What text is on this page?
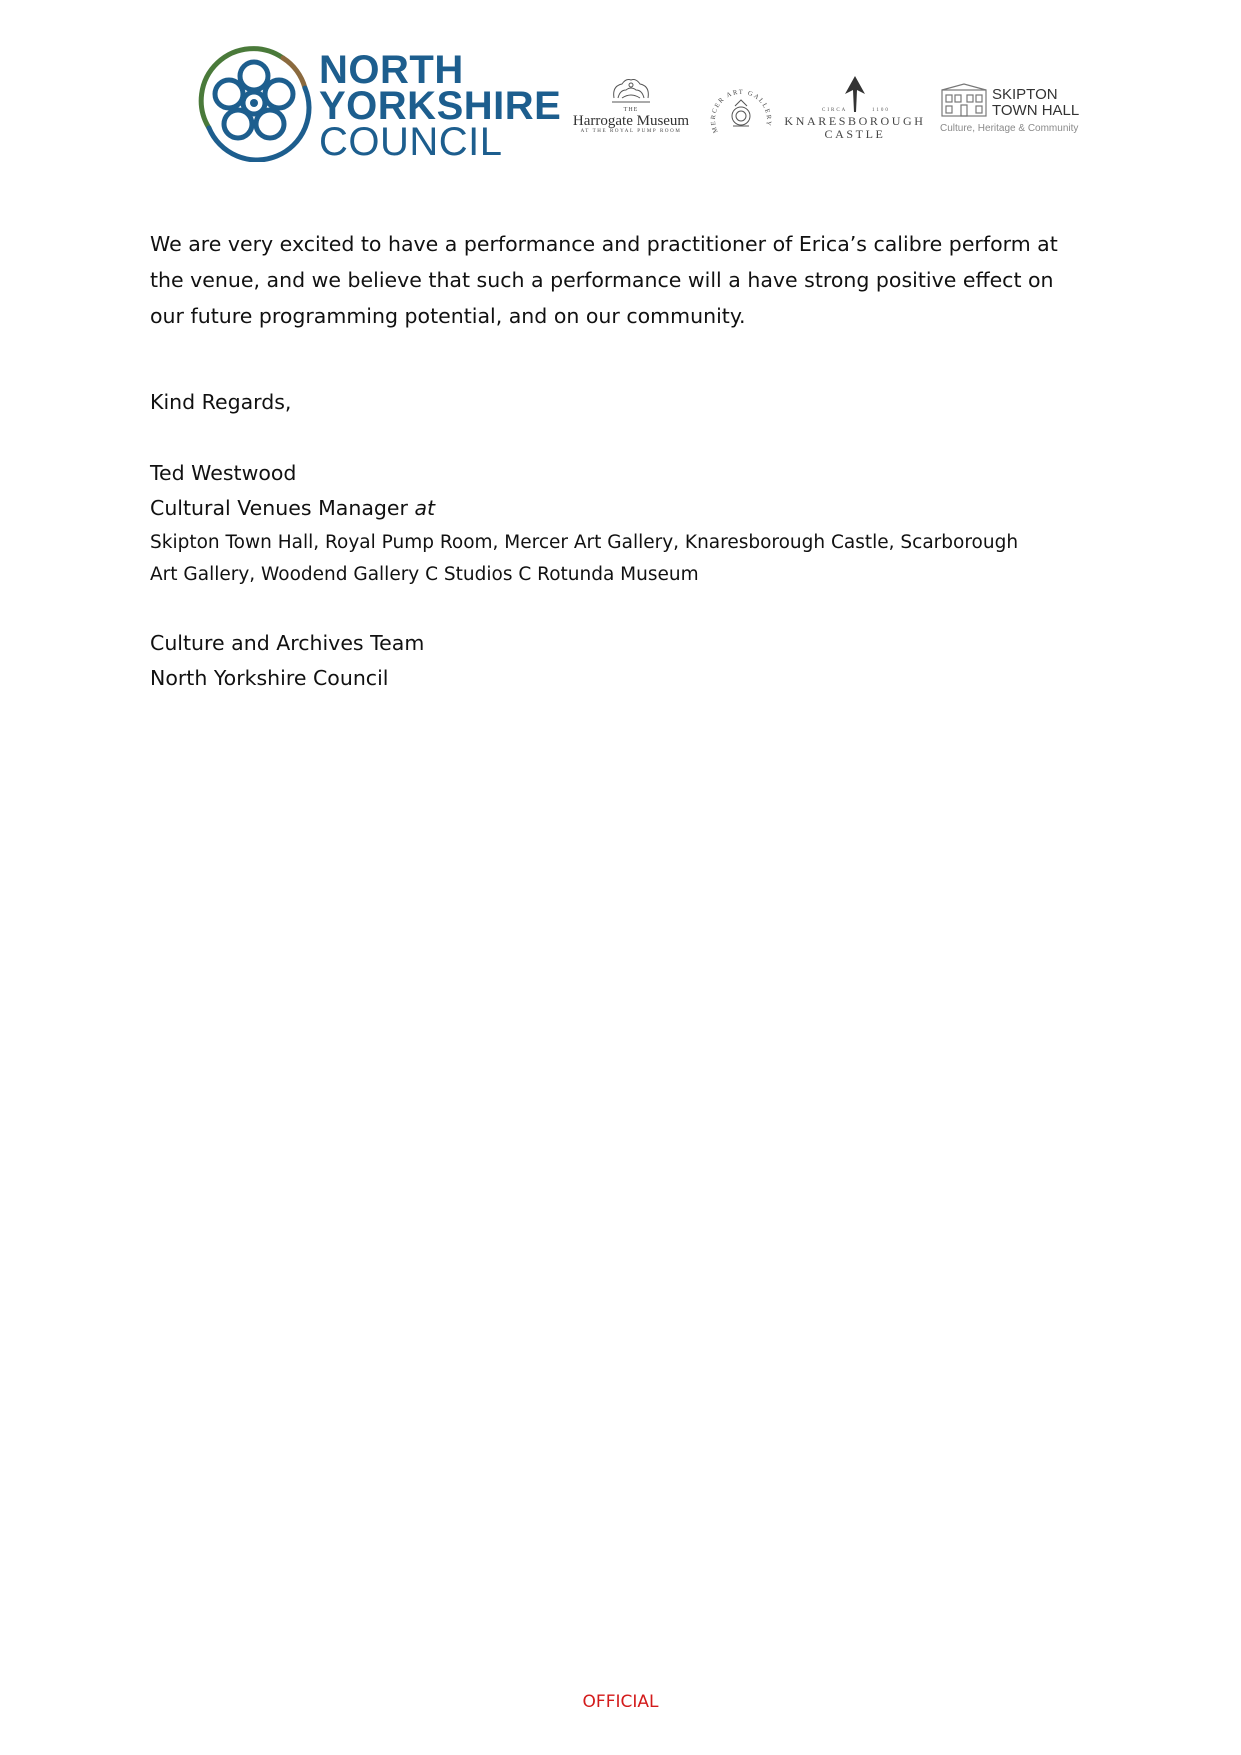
NORTH
YORKSHIRE
COUNCIL
THE
Harrogate Museum
AT THE ROYAL PUMP ROOM	MERCER ART GALLERY
CIRCA	1100
KNARESBOROUGH
CASTLE
SKIPTON
TOWN HALL
Culture, Heritage & Community
We are very excited to have a performance and practitioner of Erica’s calibre perform at
the venue, and we believe that such a performance will a have strong positive effect on
our future programming potential, and on our community.
Kind Regards,
Ted Westwood
Cultural Venues Manager at
Skipton Town Hall, Royal Pump Room, Mercer Art Gallery, Knaresborough Castle, Scarborough
Art Gallery, Woodend Gallery C Studios C Rotunda Museum
Culture and Archives Team
North Yorkshire Council
OFFICIAL
